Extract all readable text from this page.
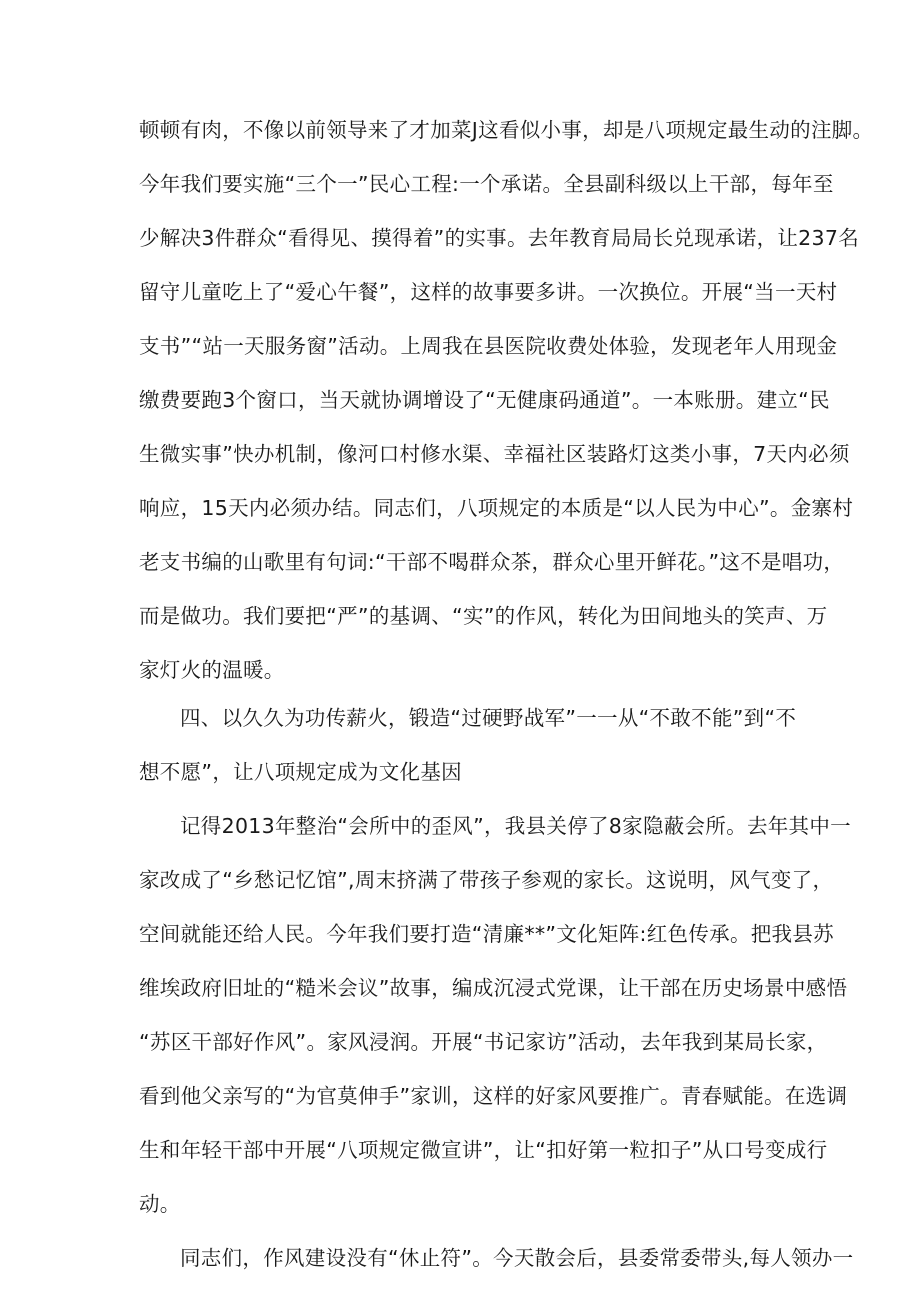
顿顿有肉，不像以前领导来了才加菜J这看似小事，却是八项规定最生动的注脚。
今年我们要实施“三个一”民心工程:一个承诺。全县副科级以上干部，每年至
少解决3件群众“看得见、摸得着”的实事。去年教育局局长兑现承诺，让237名
留守儿童吃上了“爱心午餐”，这样的故事要多讲。一次换位。开展“当一天村
支书”“站一天服务窗”活动。上周我在县医院收费处体验，发现老年人用现金
缴费要跑3个窗口，当天就协调增设了“无健康码通道”。一本账册。建立“民
生微实事”快办机制，像河口村修水渠、幸福社区装路灯这类小事，7天内必须
响应，15天内必须办结。同志们，八项规定的本质是“以人民为中心”。金寨村
老支书编的山歌里有句词:“干部不喝群众茶，群众心里开鲜花。”这不是唱功，
而是做功。我们要把“严”的基调、“实”的作风，转化为田间地头的笑声、万
家灯火的温暖。
四、以久久为功传薪火，锻造“过硬野战军”一一从“不敢不能”到“不
想不愿”，让八项规定成为文化基因
记得2013年整治“会所中的歪风”，我县关停了8家隐蔽会所。去年其中一
家改成了“乡愁记忆馆”,周末挤满了带孩子参观的家长。这说明，风气变了，
空间就能还给人民。今年我们要打造“清廉**”文化矩阵:红色传承。把我县苏
维埃政府旧址的“糙米会议”故事，编成沉浸式党课，让干部在历史场景中感悟
“苏区干部好作风”。家风浸润。开展“书记家访”活动，去年我到某局长家，
看到他父亲写的“为官莫伸手”家训，这样的好家风要推广。青春赋能。在选调
生和年轻干部中开展“八项规定微宣讲”，让“扣好第一粒扣子”从口号变成行
动。
同志们，作风建设没有“休止符”。今天散会后，县委常委带头,每人领办一
